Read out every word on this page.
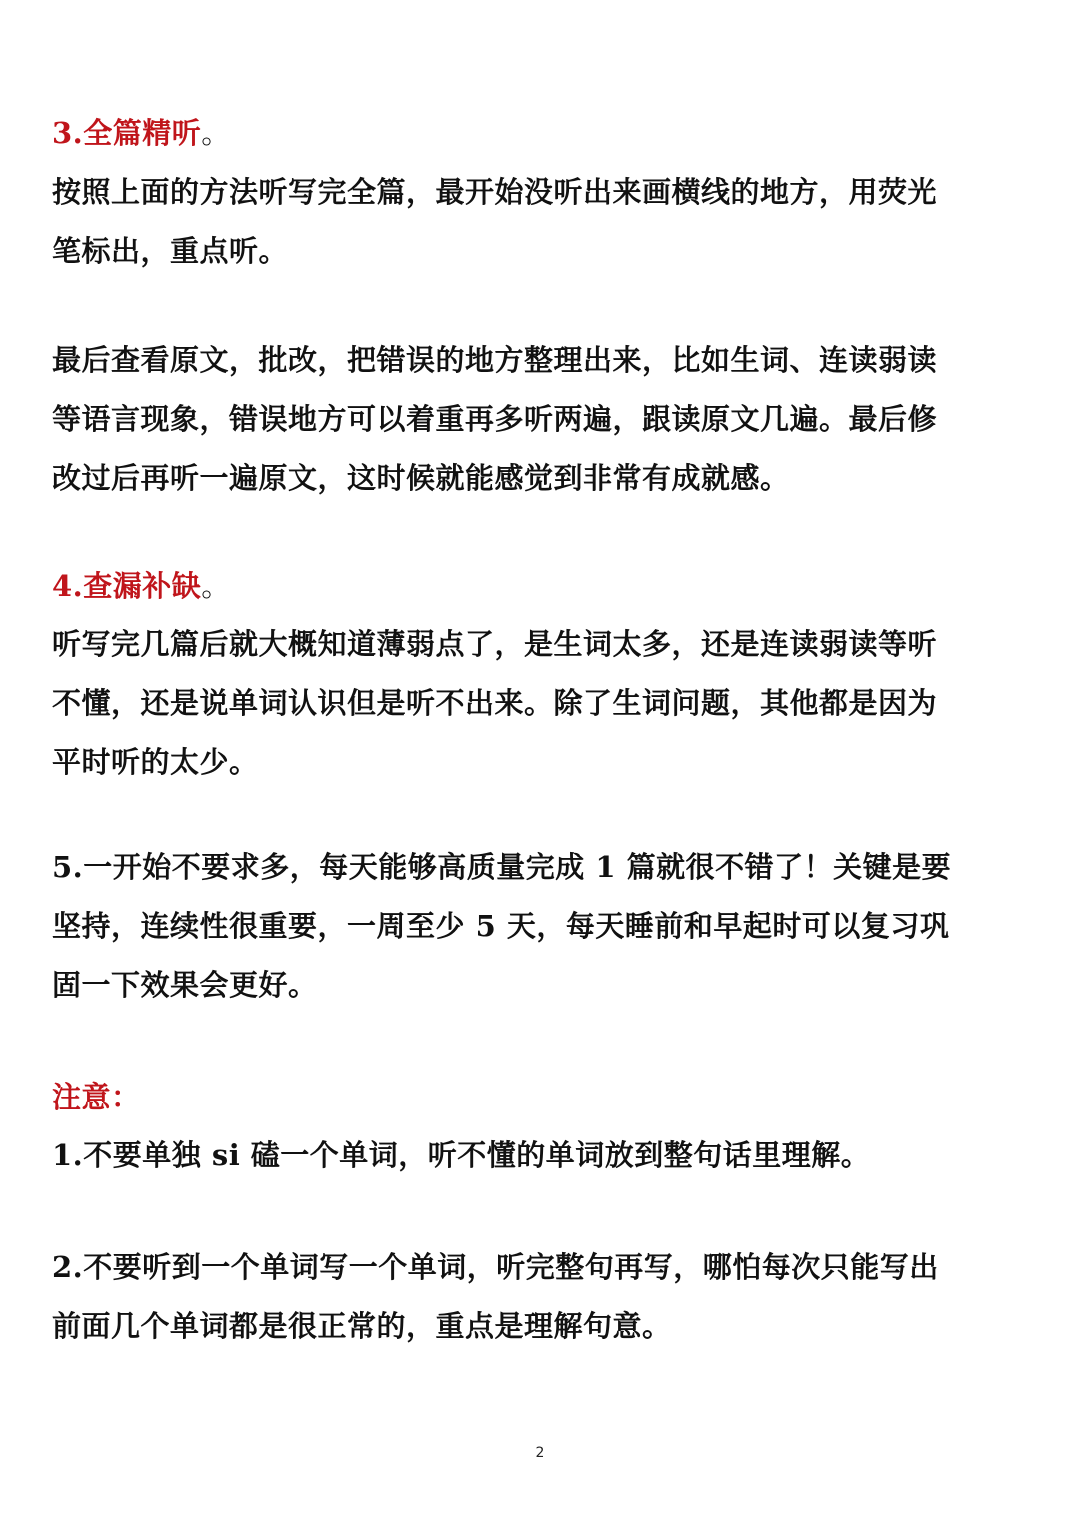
3.全篇精听。
按照上面的方法听写完全篇，最开始没听出来画横线的地方，用荧光
笔标出，重点听。
最后查看原文，批改，把错误的地方整理出来，比如生词、连读弱读
等语言现象，错误地方可以着重再多听两遍，跟读原文几遍。最后修
改过后再听一遍原文，这时候就能感觉到非常有成就感。
4.查漏补缺。
听写完几篇后就大概知道薄弱点了，是生词太多，还是连读弱读等听
不懂，还是说单词认识但是听不出来。除了生词问题，其他都是因为
平时听的太少。
5.一开始不要求多，每天能够高质量完成 1 篇就很不错了！关键是要
坚持，连续性很重要，一周至少 5 天，每天睡前和早起时可以复习巩
固一下效果会更好。
注意：
1.不要单独 si 磕一个单词，听不懂的单词放到整句话里理解。
2.不要听到一个单词写一个单词，听完整句再写，哪怕每次只能写出
前面几个单词都是很正常的，重点是理解句意。
2
